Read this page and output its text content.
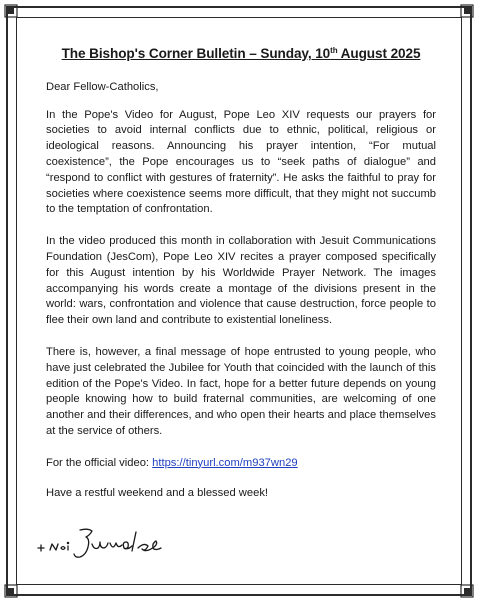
The Bishop's Corner Bulletin – Sunday, 10th August 2025

Dear Fellow-Catholics,

In the Pope's Video for August, Pope Leo XIV requests our prayers for societies to avoid internal conflicts due to ethnic, political, religious or ideological reasons. Announcing his prayer intention, “For mutual coexistence”, the Pope encourages us to “seek paths of dialogue” and “respond to conflict with gestures of fraternity”. He asks the faithful to pray for societies where coexistence seems more difficult, that they might not succumb to the temptation of confrontation.

In the video produced this month in collaboration with Jesuit Communications Foundation (JesCom), Pope Leo XIV recites a prayer composed specifically for this August intention by his Worldwide Prayer Network. The images accompanying his words create a montage of the divisions present in the world: wars, confrontation and violence that cause destruction, force people to flee their own land and contribute to existential loneliness.

There is, however, a final message of hope entrusted to young people, who have just celebrated the Jubilee for Youth that coincided with the launch of this edition of the Pope's Video. In fact, hope for a better future depends on young people knowing how to build fraternal communities, are welcoming of one another and their differences, and who open their hearts and place themselves at the service of others.

For the official video: https://tinyurl.com/m937wn29

Have a restful weekend and a blessed week!
